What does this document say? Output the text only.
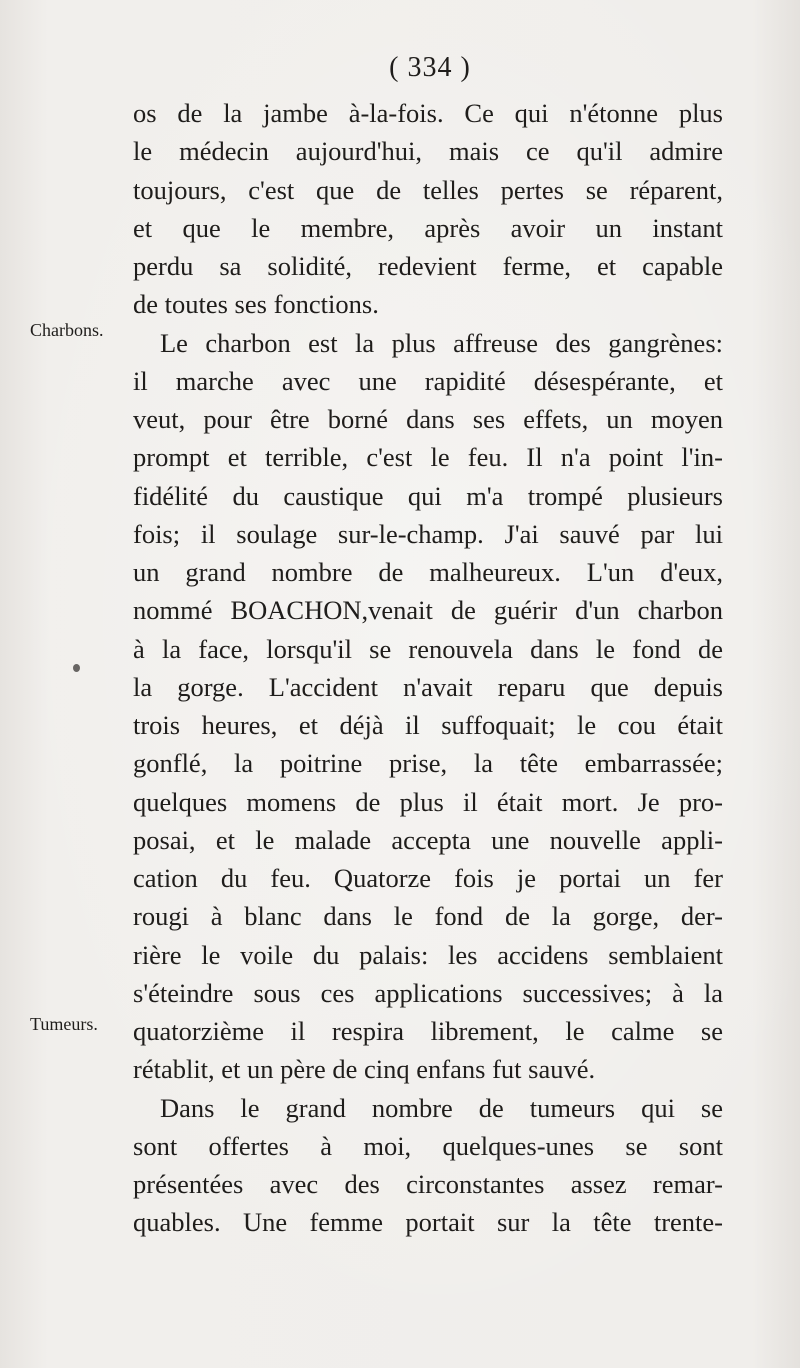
( 334 )
Charbons.
Tumeurs.
os de la jambe à-la-fois. Ce qui n'étonne plus
le médecin aujourd'hui, mais ce qu'il admire
toujours, c'est que de telles pertes se réparent,
et que le membre, après avoir un instant
perdu sa solidité, redevient ferme, et capable
de toutes ses fonctions.
Le charbon est la plus affreuse des gangrènes:
il marche avec une rapidité désespérante, et
veut, pour être borné dans ses effets, un moyen
prompt et terrible, c'est le feu. Il n'a point l'in-
fidélité du caustique qui m'a trompé plusieurs
fois; il soulage sur-le-champ. J'ai sauvé par lui
un grand nombre de malheureux. L'un d'eux,
nommé BOACHON,venait de guérir d'un charbon
à la face, lorsqu'il se renouvela dans le fond de
la gorge. L'accident n'avait reparu que depuis
trois heures, et déjà il suffoquait; le cou était
gonflé, la poitrine prise, la tête embarrassée;
quelques momens de plus il était mort. Je pro-
posai, et le malade accepta une nouvelle appli-
cation du feu. Quatorze fois je portai un fer
rougi à blanc dans le fond de la gorge, der-
rière le voile du palais: les accidens semblaient
s'éteindre sous ces applications successives; à la
quatorzième il respira librement, le calme se
rétablit, et un père de cinq enfans fut sauvé.
Dans le grand nombre de tumeurs qui se
sont offertes à moi, quelques-unes se sont
présentées avec des circonstantes assez remar-
quables. Une femme portait sur la tête trente-
